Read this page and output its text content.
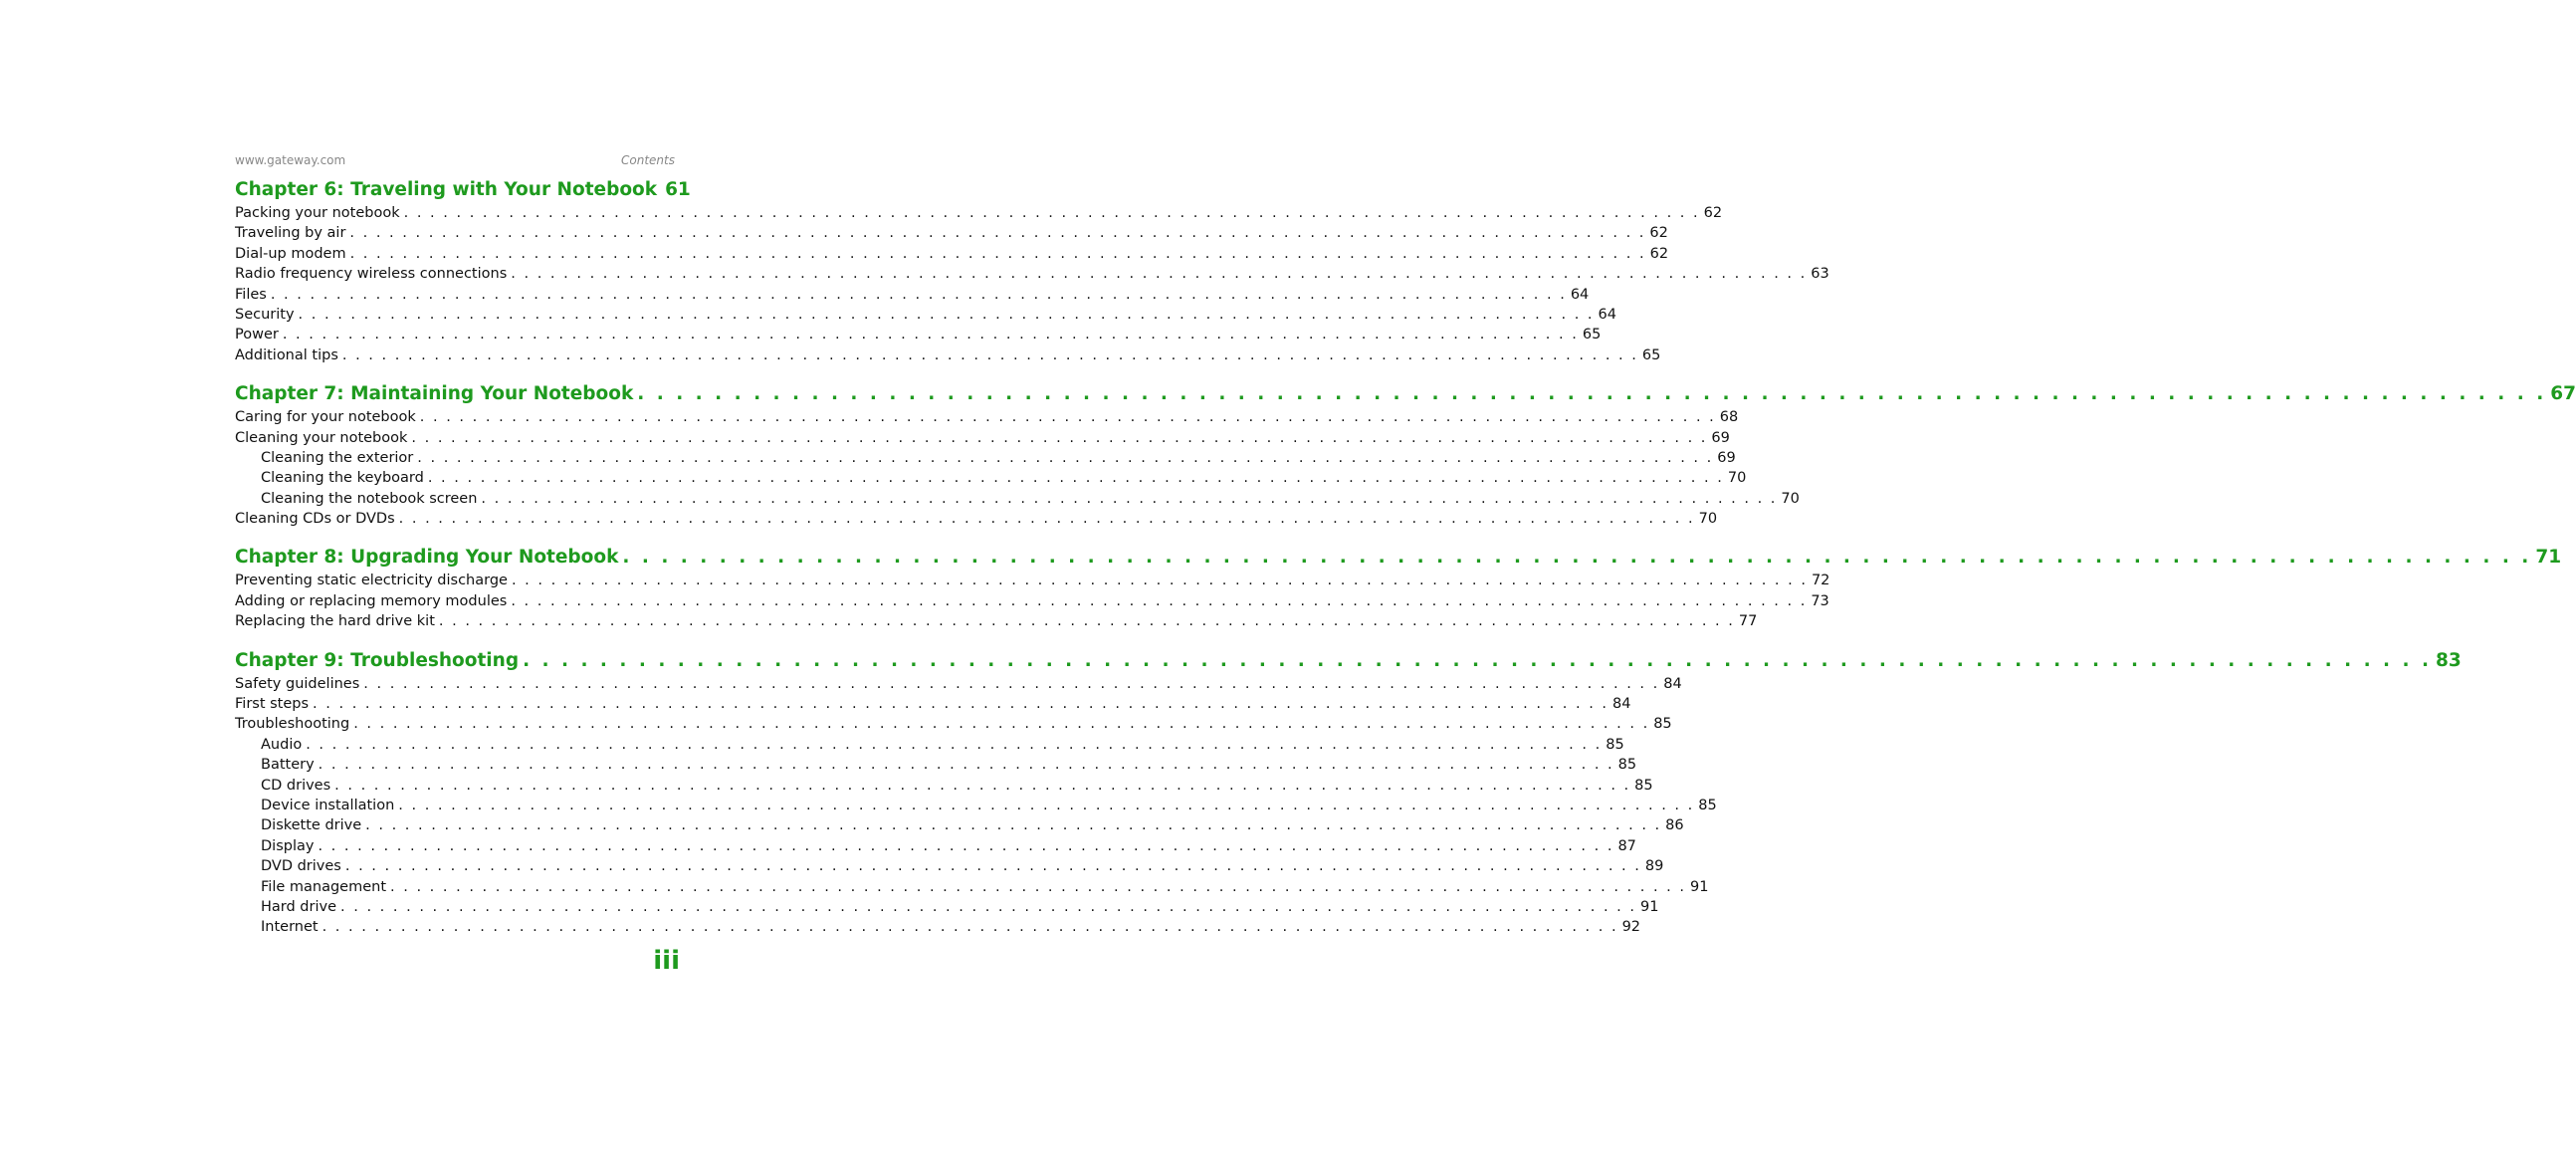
www.gateway.com	Contents
Chapter 6: Traveling with Your Notebook 61
Packing your notebook . . .	62
Traveling by air . . .	62
Dial-up modem . . .	62
Radio frequency wireless connections . . .	63
Files . . .	64
Security . . .	64
Power . . .	65
Additional tips . . .	65
Chapter 7: Maintaining Your Notebook . . .	67
Caring for your notebook . . .	68
Cleaning your notebook . . .	69
Cleaning the exterior . . .	69
Cleaning the keyboard . . .	70
Cleaning the notebook screen . . .	70
Cleaning CDs or DVDs . . .	70
Chapter 8: Upgrading Your Notebook . . .	71
Preventing static electricity discharge . . .	72
Adding or replacing memory modules . . .	73
Replacing the hard drive kit . . .	77
Chapter 9: Troubleshooting . . .	83
Safety guidelines . . .	84
First steps . . .	84
Troubleshooting . . .	85
Audio . . .	85
Battery . . .	85
CD drives . . .	85
Device installation . . .	85
Diskette drive . . .	86
Display . . .	87
DVD drives . . .	89
File management . . .	91
Hard drive . . .	91
Internet . . .	92
iii
